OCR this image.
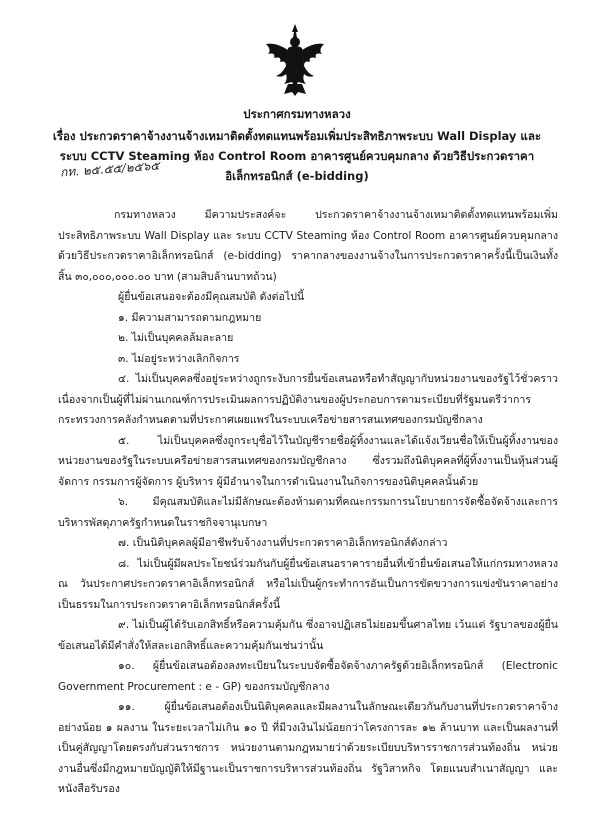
ประกาศกรมทางหลวง
เรื่อง ประกวดราคาจ้างงานจ้างเหมาติดตั้งทดแทนพร้อมเพิ่มประสิทธิภาพระบบ Wall Display และ ระบบ CCTV Steaming ห้อง Control Room อาคารศูนย์ควบคุมกลาง ด้วยวิธีประกวดราคาอิเล็กทรอนิกส์ (e-bidding)
กท. ๒๕.๕๕/๒๕๖๕

กรมทางหลวง มีความประสงค์จะ ประกวดราคาจ้างงานจ้างเหมาติดตั้งทดแทนพร้อมเพิ่มประสิทธิภาพระบบ Wall Display และ ระบบ CCTV Steaming ห้อง Control Room อาคารศูนย์ควบคุมกลาง ด้วยวิธีประกวดราคาอิเล็กทรอนิกส์ (e-bidding) ราคากลางของงานจ้างในการประกวดราคาครั้งนี้เป็นเงินทั้งสิ้น ๓๐,๐๐๐,๐๐๐.๐๐ บาท (สามสิบล้านบาทถ้วน)

ผู้ยื่นข้อเสนอจะต้องมีคุณสมบัติ ดังต่อไปนี้

๑. มีความสามารถตามกฎหมาย

๒. ไม่เป็นบุคคลล้มละลาย

๓. ไม่อยู่ระหว่างเลิกกิจการ

๔. ไม่เป็นบุคคลซึ่งอยู่ระหว่างถูกระงับการยื่นข้อเสนอหรือทำสัญญากับหน่วยงานของรัฐไว้ชั่วคราว เนื่องจากเป็นผู้ที่ไม่ผ่านเกณฑ์การประเมินผลการปฏิบัติงานของผู้ประกอบการตามระเบียบที่รัฐมนตรีว่าการกระทรวงการคลังกำหนดตามที่ประกาศเผยแพร่ในระบบเครือข่ายสารสนเทศของกรมบัญชีกลาง

๕. ไม่เป็นบุคคลซึ่งถูกระบุชื่อไว้ในบัญชีรายชื่อผู้ทิ้งงานและได้แจ้งเวียนชื่อให้เป็นผู้ทิ้งงานของหน่วยงานของรัฐในระบบเครือข่ายสารสนเทศของกรมบัญชีกลาง ซึ่งรวมถึงนิติบุคคลที่ผู้ทิ้งงานเป็นหุ้นส่วนผู้จัดการ กรรมการผู้จัดการ ผู้บริหาร ผู้มีอำนาจในการดำเนินงานในกิจการของนิติบุคคลนั้นด้วย

๖. มีคุณสมบัติและไม่มีลักษณะต้องห้ามตามที่คณะกรรมการนโยบายการจัดซื้อจัดจ้างและการบริหารพัสดุภาครัฐกำหนดในราชกิจจานุเบกษา

๗. เป็นนิติบุคคลผู้มีอาชีพรับจ้างงานที่ประกวดราคาอิเล็กทรอนิกส์ดังกล่าว

๘. ไม่เป็นผู้มีผลประโยชน์ร่วมกันกับผู้ยื่นข้อเสนอราคารายอื่นที่เข้ายื่นข้อเสนอให้แก่กรมทางหลวง ณ วันประกาศประกวดราคาอิเล็กทรอนิกส์ หรือไม่เป็นผู้กระทำการอันเป็นการขัดขวางการแข่งขันราคาอย่างเป็นธรรมในการประกวดราคาอิเล็กทรอนิกส์ครั้งนี้

๙. ไม่เป็นผู้ได้รับเอกสิทธิ์หรือความคุ้มกัน ซึ่งอาจปฏิเสธไม่ยอมขึ้นศาลไทย เว้นแต่ รัฐบาลของผู้ยื่นข้อเสนอได้มีคำสั่งให้สละเอกสิทธิ์และความคุ้มกันเช่นว่านั้น

๑๐. ผู้ยื่นข้อเสนอต้องลงทะเบียนในระบบจัดซื้อจัดจ้างภาครัฐด้วยอิเล็กทรอนิกส์ (Electronic Government Procurement : e - GP) ของกรมบัญชีกลาง

๑๑. ผู้ยื่นข้อเสนอต้องเป็นนิติบุคคลและมีผลงานในลักษณะเดียวกันกับงานที่ประกวดราคาจ้าง อย่างน้อย ๑ ผลงาน ในระยะเวลาไม่เกิน ๑๐ ปี ที่มีวงเงินไม่น้อยกว่าโครงการละ ๑๒ ล้านบาท และเป็นผลงานที่เป็นคู่สัญญาโดยตรงกับส่วนราชการ หน่วยงานตามกฎหมายว่าด้วยระเบียบบริหารราชการส่วนท้องถิ่น หน่วยงานอื่นซึ่งมีกฎหมายบัญญัติให้มีฐานะเป็นราชการบริหารส่วนท้องถิ่น รัฐวิสาหกิจ โดยแนบสำเนาสัญญา และหนังสือรับรอง
